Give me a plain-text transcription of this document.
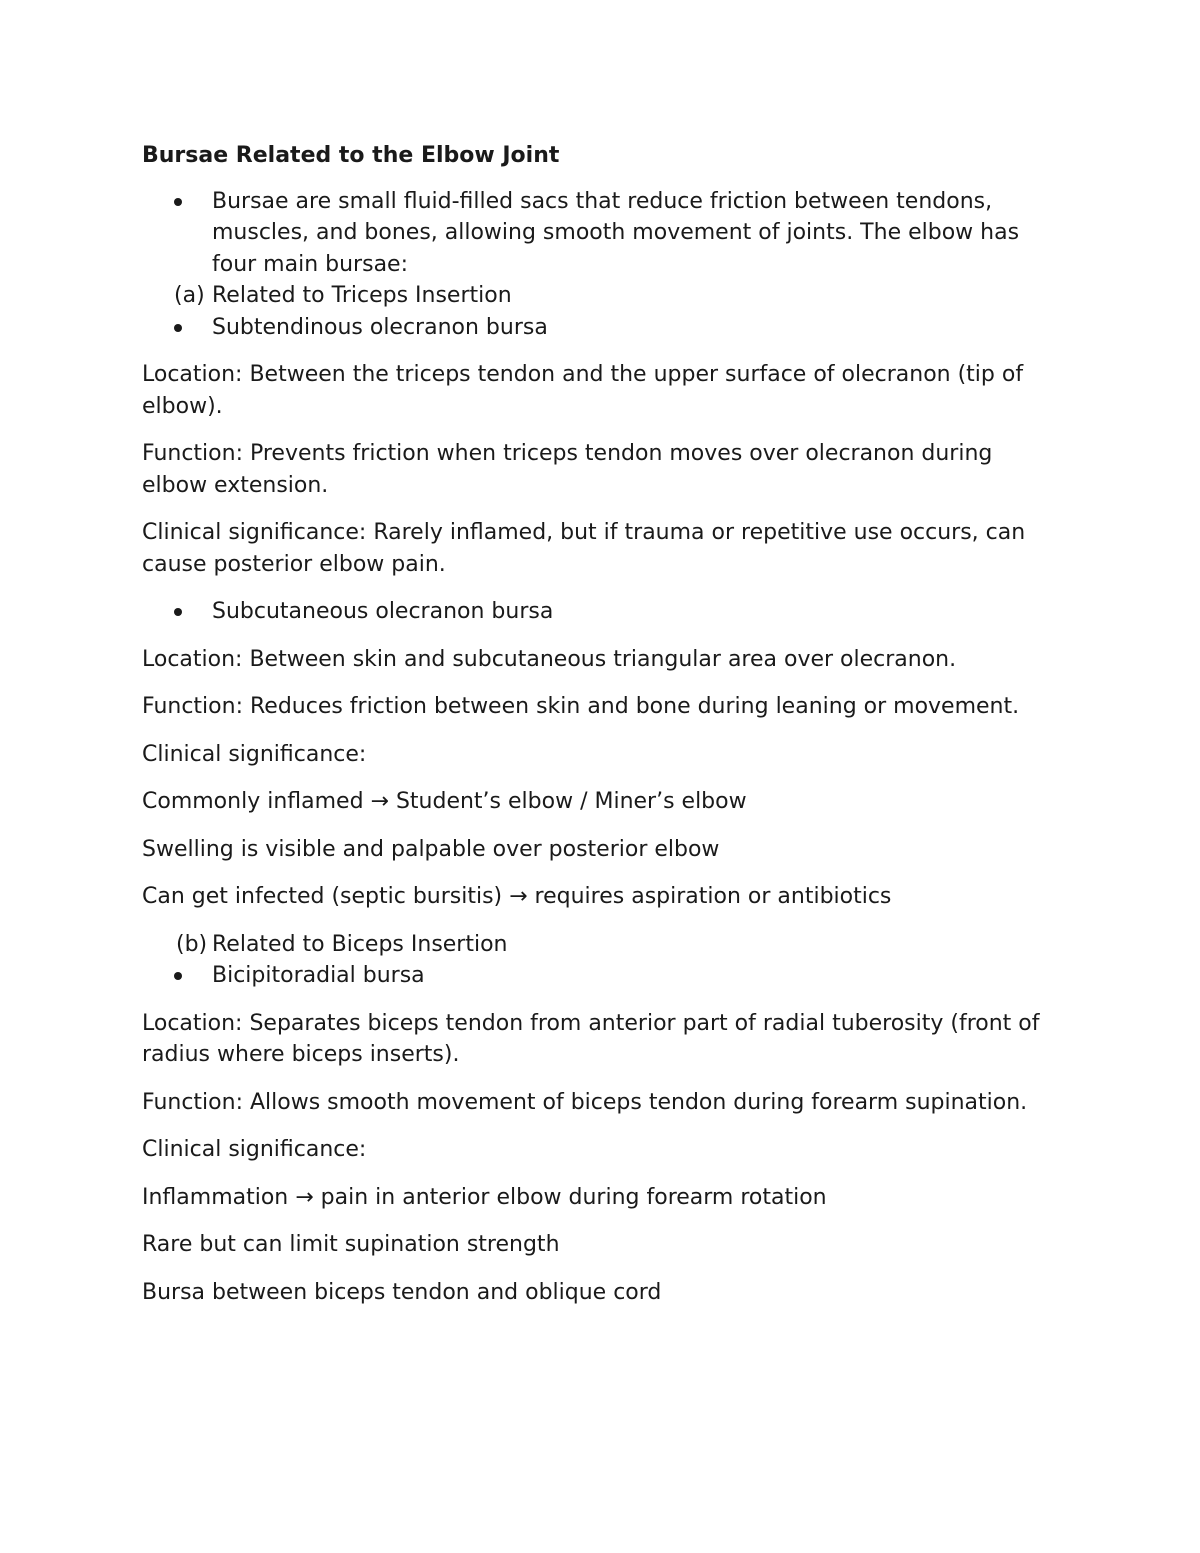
Bursae Related to the Elbow Joint
Bursae are small fluid-filled sacs that reduce friction between tendons, muscles, and bones, allowing smooth movement of joints. The elbow has four main bursae:
(a) Related to Triceps Insertion
Subtendinous olecranon bursa
Location: Between the triceps tendon and the upper surface of olecranon (tip of elbow).
Function: Prevents friction when triceps tendon moves over olecranon during elbow extension.
Clinical significance: Rarely inflamed, but if trauma or repetitive use occurs, can cause posterior elbow pain.
Subcutaneous olecranon bursa
Location: Between skin and subcutaneous triangular area over olecranon.
Function: Reduces friction between skin and bone during leaning or movement.
Clinical significance:
Commonly inflamed → Student’s elbow / Miner’s elbow
Swelling is visible and palpable over posterior elbow
Can get infected (septic bursitis) → requires aspiration or antibiotics
(b) Related to Biceps Insertion
Bicipitoradial bursa
Location: Separates biceps tendon from anterior part of radial tuberosity (front of radius where biceps inserts).
Function: Allows smooth movement of biceps tendon during forearm supination.
Clinical significance:
Inflammation → pain in anterior elbow during forearm rotation
Rare but can limit supination strength
Bursa between biceps tendon and oblique cord
